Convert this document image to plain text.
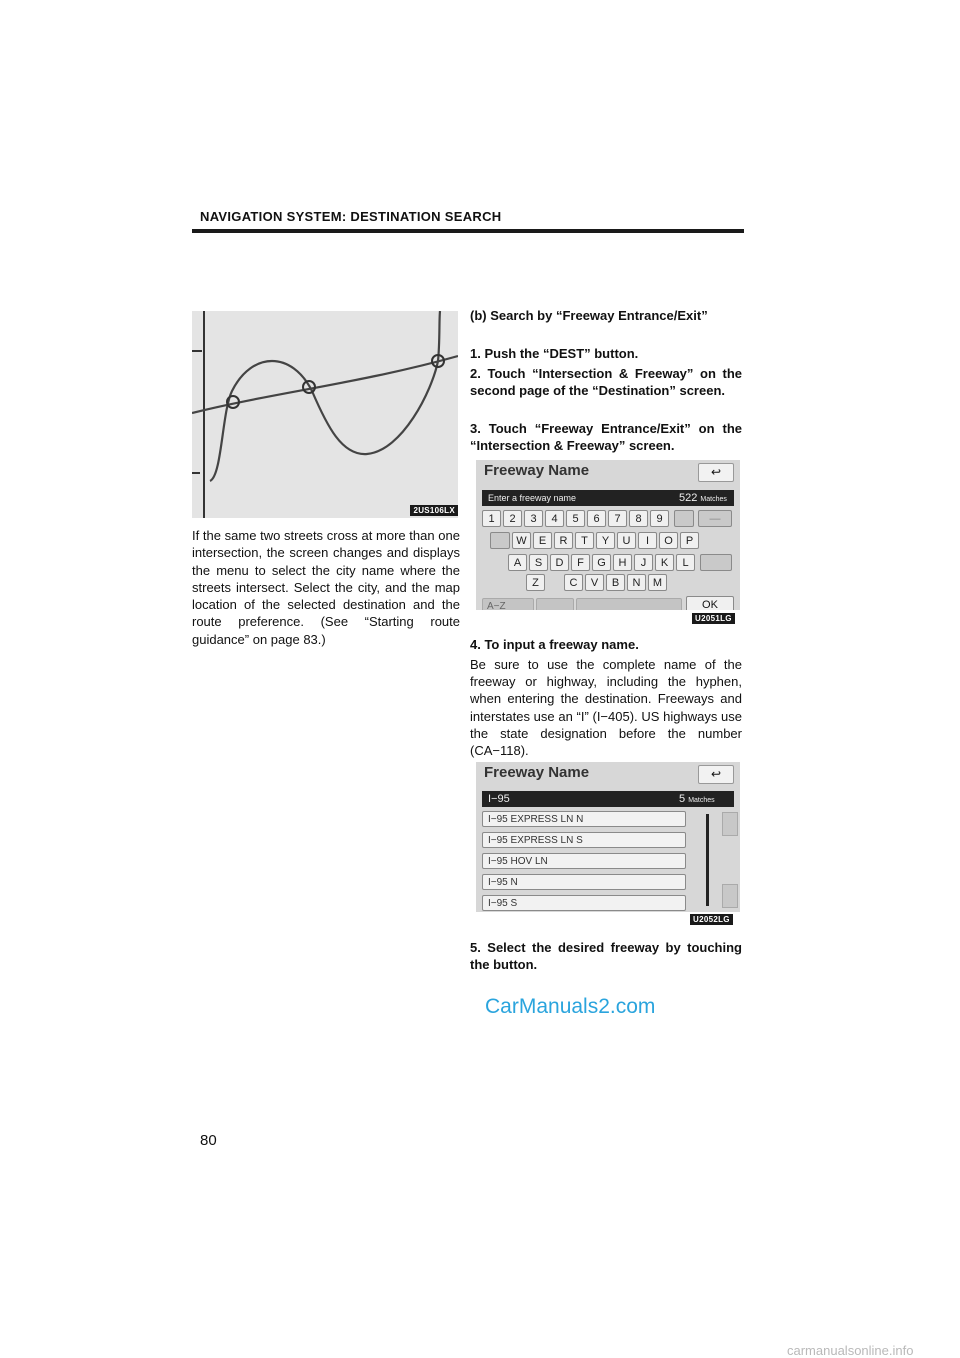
NAVIGATION SYSTEM: DESTINATION SEARCH
2US106LX
If the same two streets cross at more than one intersection, the screen changes and displays the menu to select the city name where the streets intersect. Select the city, and the map location of the selected destination and the route preference. (See “Starting route guidance” on page 83.)
(b) Search by “Freeway Entrance/Exit”
1. Push the “DEST” button.
2. Touch “Intersection & Freeway” on the second page of the “Destination” screen.
3. Touch “Freeway Entrance/Exit” on the “Intersection & Freeway” screen.
Freeway Name	↩
Enter a freeway name	522 Matches
1	2	3	4	5	6	7	8	9
W	E	R	T	Y	U	I	O	P
A	S	D	F	G	H	J	K	L
Z	C	V	B	N	M
—
A−Z	OK
U2051LG
4. To input a freeway name.
Be sure to use the complete name of the freeway or highway, including the hyphen, when entering the destination. Freeways and interstates use an “I” (I−405). US highways use the state designation before the number (CA−118).
Freeway Name	↩
I−95	5 Matches
I−95 EXPRESS LN N
I−95 EXPRESS LN S
I−95 HOV LN
I−95 N
I−95 S
U2052LG
5. Select the desired freeway by touching the button.
CarManuals2.com
80
carmanualsonline.info
